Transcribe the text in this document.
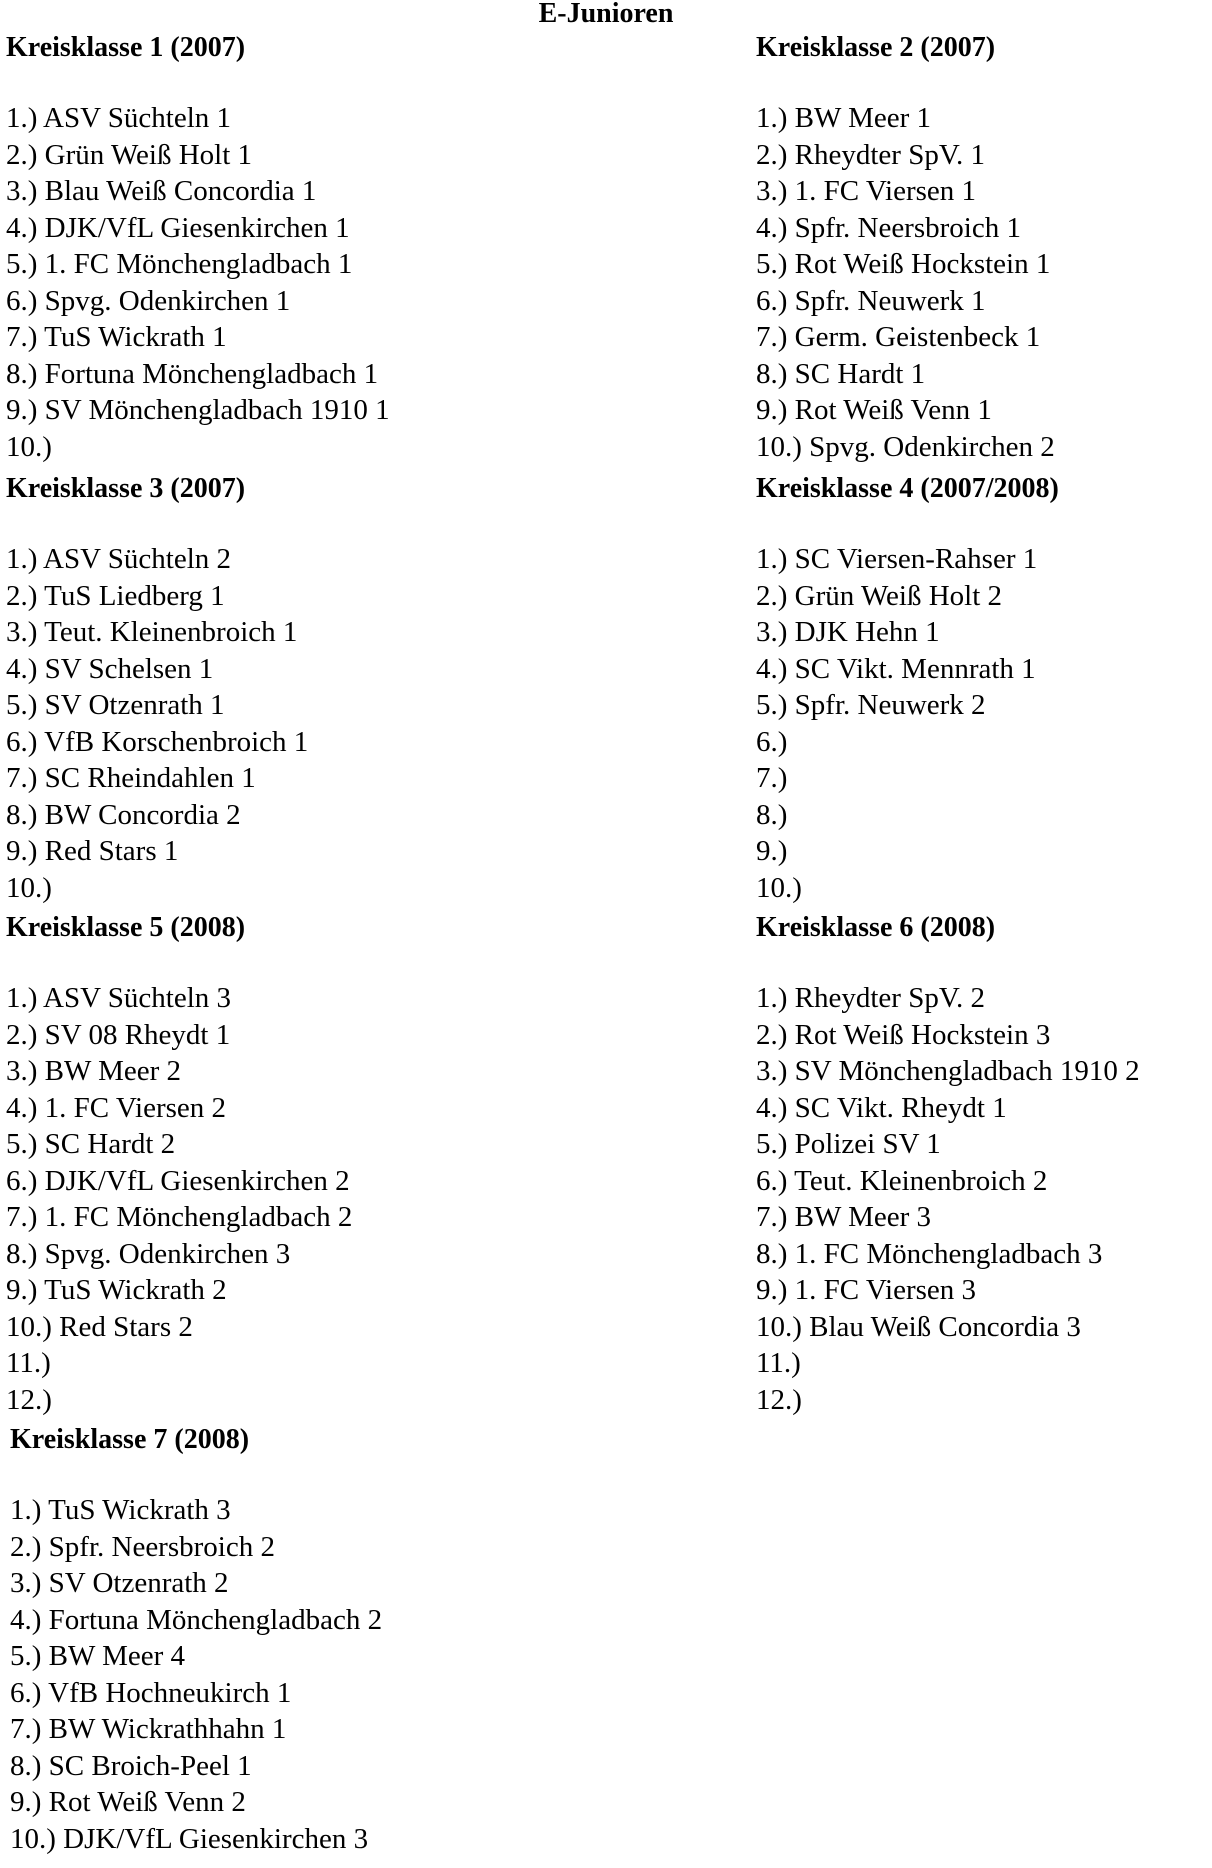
E-Junioren
Kreisklasse 1 (2007)
1.) ASV Süchteln 1
2.) Grün Weiß Holt 1
3.) Blau Weiß Concordia 1
4.) DJK/VfL Giesenkirchen 1
5.) 1. FC Mönchengladbach 1
6.) Spvg. Odenkirchen 1
7.) TuS Wickrath 1
8.) Fortuna Mönchengladbach 1
9.) SV Mönchengladbach 1910 1
10.)
Kreisklasse 2 (2007)
1.) BW Meer 1
2.) Rheydter SpV. 1
3.) 1. FC Viersen 1
4.) Spfr. Neersbroich 1
5.) Rot Weiß Hockstein 1
6.) Spfr. Neuwerk 1
7.) Germ. Geistenbeck 1
8.) SC Hardt 1
9.) Rot Weiß Venn 1
10.) Spvg. Odenkirchen 2
Kreisklasse 3 (2007)
1.) ASV Süchteln 2
2.) TuS Liedberg 1
3.) Teut. Kleinenbroich 1
4.) SV Schelsen 1
5.) SV Otzenrath 1
6.) VfB Korschenbroich 1
7.) SC Rheindahlen 1
8.) BW Concordia 2
9.) Red Stars 1
10.)
Kreisklasse 4 (2007/2008)
1.) SC Viersen-Rahser 1
2.) Grün Weiß Holt 2
3.) DJK Hehn 1
4.) SC Vikt. Mennrath 1
5.) Spfr. Neuwerk 2
6.)
7.)
8.)
9.)
10.)
Kreisklasse 5 (2008)
1.) ASV Süchteln 3
2.) SV 08 Rheydt 1
3.) BW Meer 2
4.) 1. FC Viersen 2
5.) SC Hardt 2
6.) DJK/VfL Giesenkirchen 2
7.) 1. FC Mönchengladbach 2
8.) Spvg. Odenkirchen 3
9.) TuS Wickrath 2
10.) Red Stars 2
11.)
12.)
Kreisklasse 6 (2008)
1.) Rheydter SpV. 2
2.) Rot Weiß Hockstein 3
3.) SV Mönchengladbach 1910 2
4.) SC Vikt. Rheydt 1
5.) Polizei SV 1
6.) Teut. Kleinenbroich 2
7.) BW Meer 3
8.) 1. FC Mönchengladbach 3
9.) 1. FC Viersen 3
10.) Blau Weiß Concordia 3
11.)
12.)
Kreisklasse 7 (2008)
1.) TuS Wickrath 3
2.) Spfr. Neersbroich 2
3.) SV Otzenrath 2
4.) Fortuna Mönchengladbach 2
5.) BW Meer 4
6.) VfB Hochneukirch 1
7.) BW Wickrathhahn 1
8.) SC Broich-Peel 1
9.) Rot Weiß Venn 2
10.) DJK/VfL Giesenkirchen 3
